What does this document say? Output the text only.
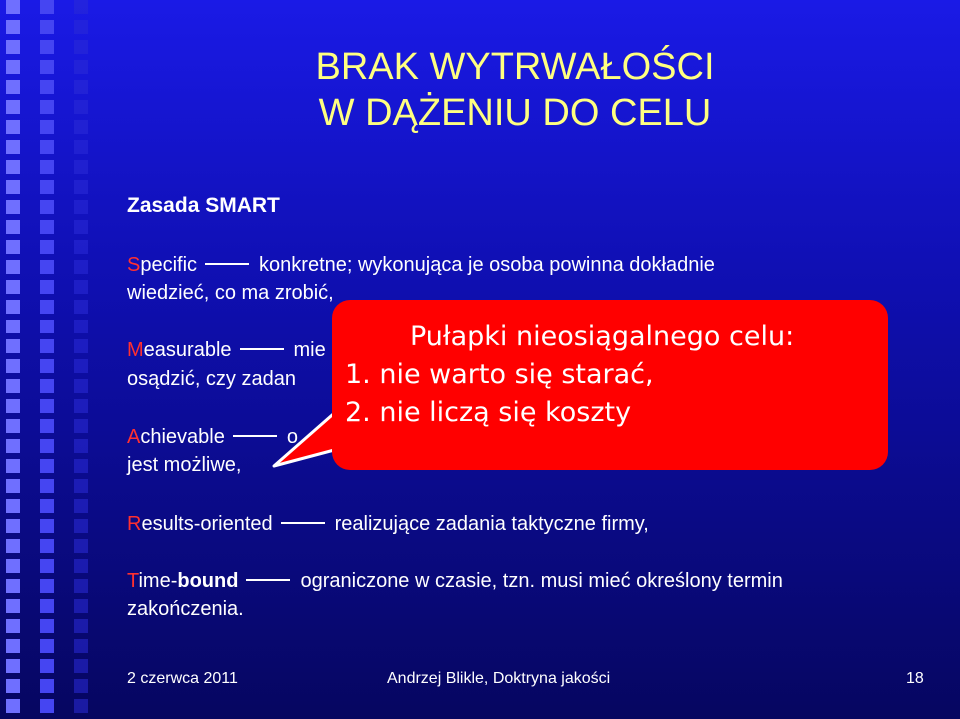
BRAK WYTRWAŁOŚCI
W DĄŻENIU DO CELU
Zasada SMART
Specific	konkretne; wykonująca je osoba powinna dokładnie
wiedzieć, co ma zrobić,
Measurable	mie
osądzić, czy zadan
Achievable	o
jest możliwe,
Results-oriented	realizujące zadania taktyczne firmy,
Time-bound	ograniczone w czasie, tzn. musi mieć określony termin
zakończenia.
Pułapki nieosiągalnego celu:
1. nie warto się starać,
2. nie liczą się koszty
2 czerwca 2011	Andrzej Blikle, Doktryna jakości	18
